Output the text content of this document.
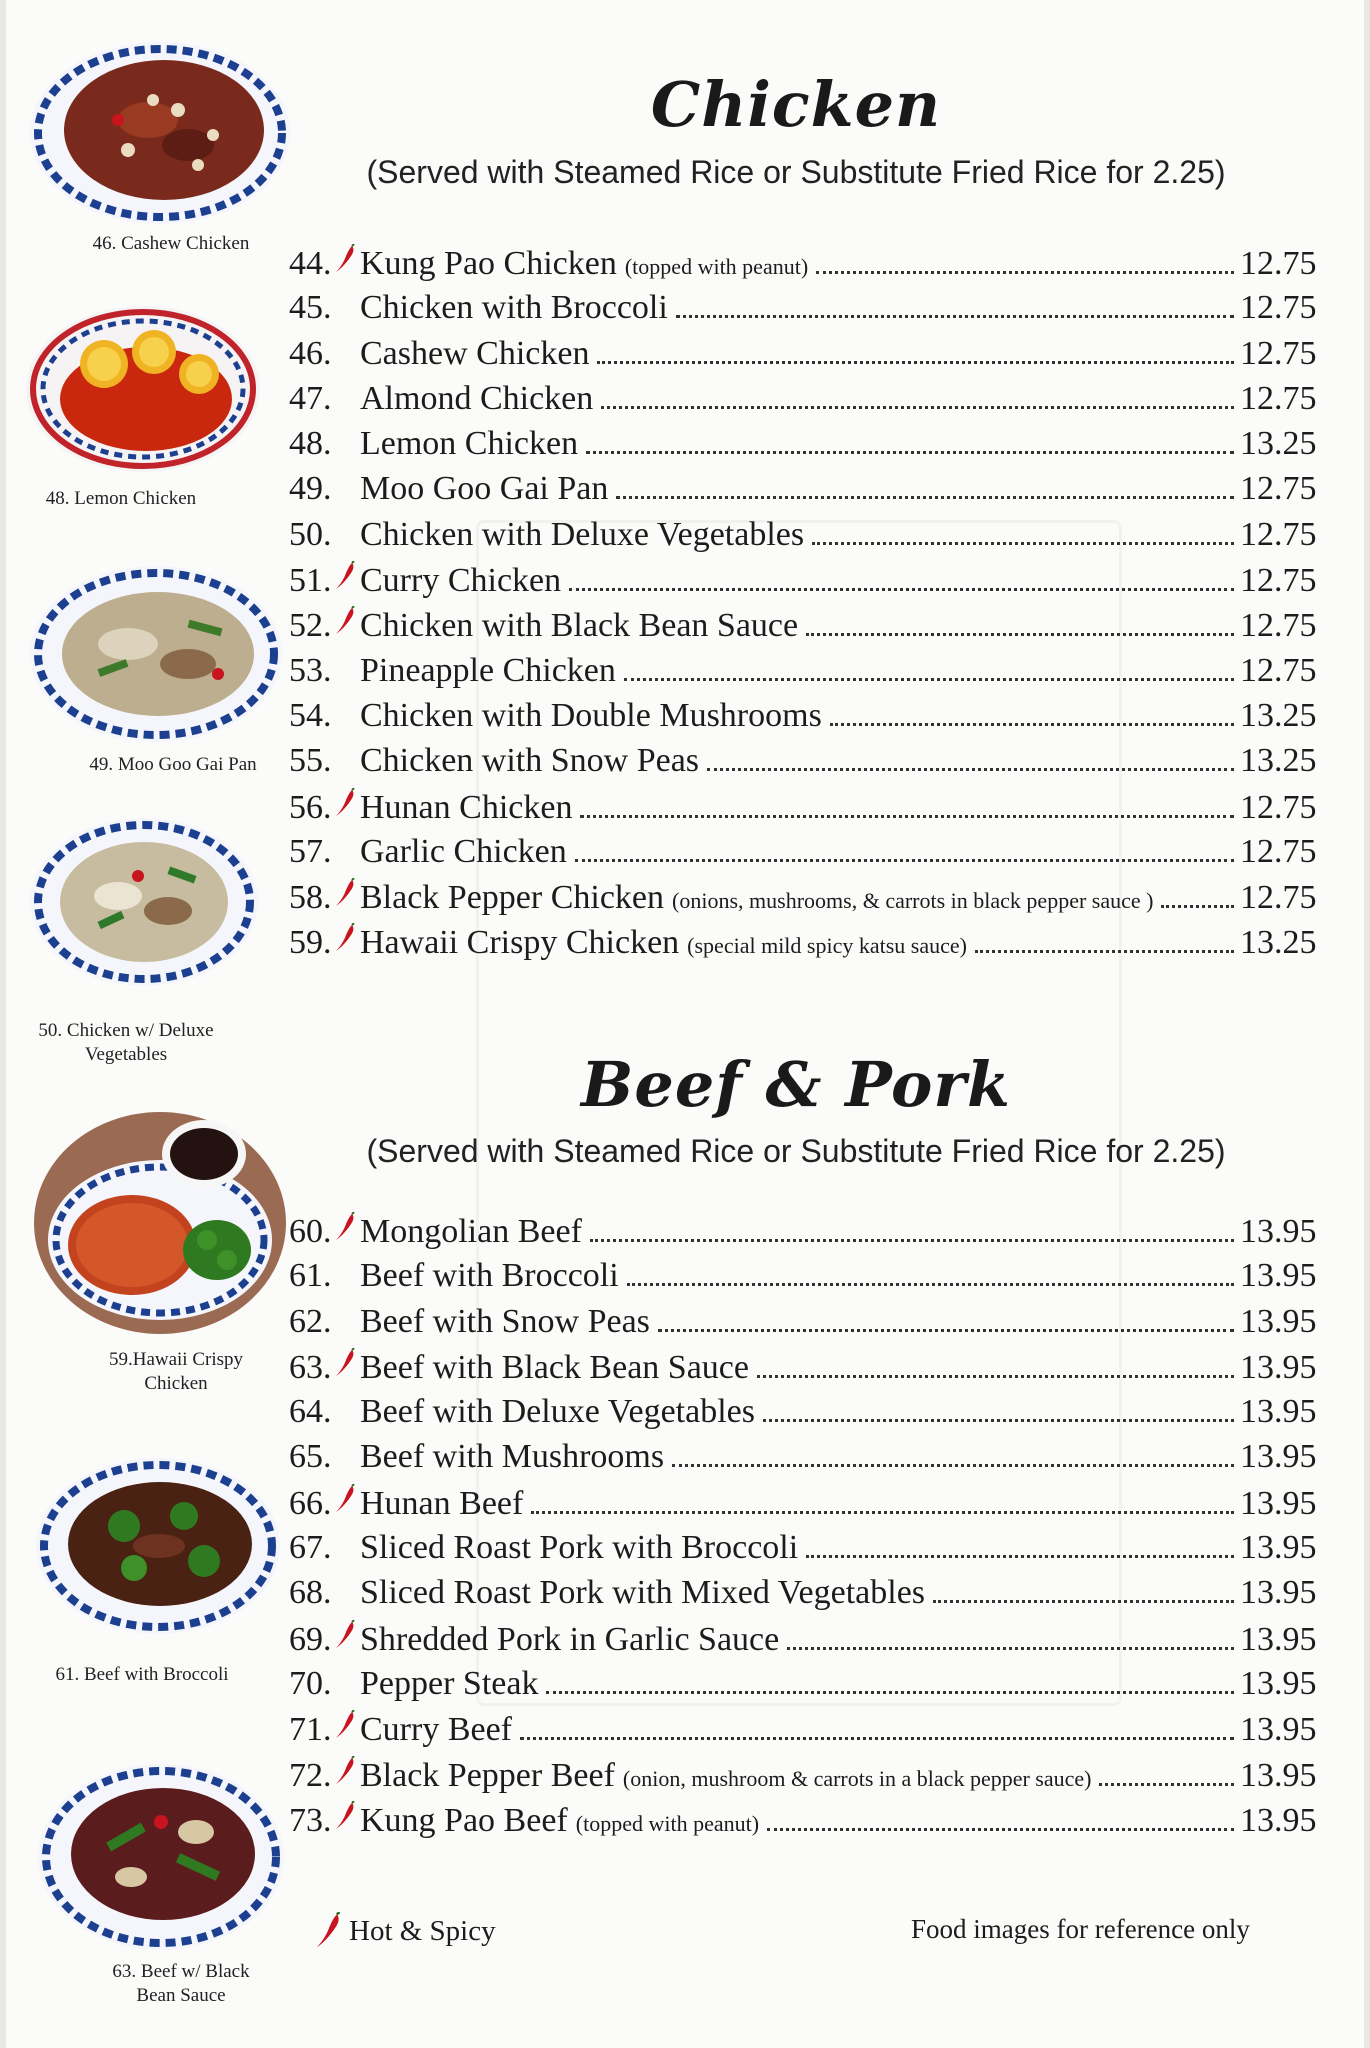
Chicken
(Served with Steamed Rice or Substitute Fried Rice for 2.25)
44. Kung Pao Chicken (topped with peanut)	12.75
45. Chicken with Broccoli	12.75
46. Cashew Chicken	12.75
47. Almond Chicken	12.75
48. Lemon Chicken	13.25
49. Moo Goo Gai Pan	12.75
50. Chicken with Deluxe Vegetables	12.75
51. Curry Chicken	12.75
52. Chicken with Black Bean Sauce	12.75
53. Pineapple Chicken	12.75
54. Chicken with Double Mushrooms	13.25
55. Chicken with Snow Peas	13.25
56. Hunan Chicken	12.75
57. Garlic Chicken	12.75
58. Black Pepper Chicken (onions, mushrooms, & carrots in black pepper sauce )	12.75
59. Hawaii Crispy Chicken (special mild spicy katsu sauce)	13.25
Beef & Pork
(Served with Steamed Rice or Substitute Fried Rice for 2.25)
60. Mongolian Beef	13.95
61. Beef with Broccoli	13.95
62. Beef with Snow Peas	13.95
63. Beef with Black Bean Sauce	13.95
64. Beef with Deluxe Vegetables	13.95
65. Beef with Mushrooms	13.95
66. Hunan Beef	13.95
67. Sliced Roast Pork with Broccoli	13.95
68. Sliced Roast Pork with Mixed Vegetables	13.95
69. Shredded Pork in Garlic Sauce	13.95
70. Pepper Steak	13.95
71. Curry Beef	13.95
72. Black Pepper Beef (onion, mushroom & carrots in a black pepper sauce)	13.95
73. Kung Pao Beef (topped with peanut)	13.95
46. Cashew Chicken
48. Lemon Chicken
49. Moo Goo Gai Pan
50. Chicken w/ Deluxe
Vegetables
59.Hawaii Crispy
Chicken
61. Beef with Broccoli
63. Beef w/ Black
Bean Sauce
Hot & Spicy	Food images for reference only
